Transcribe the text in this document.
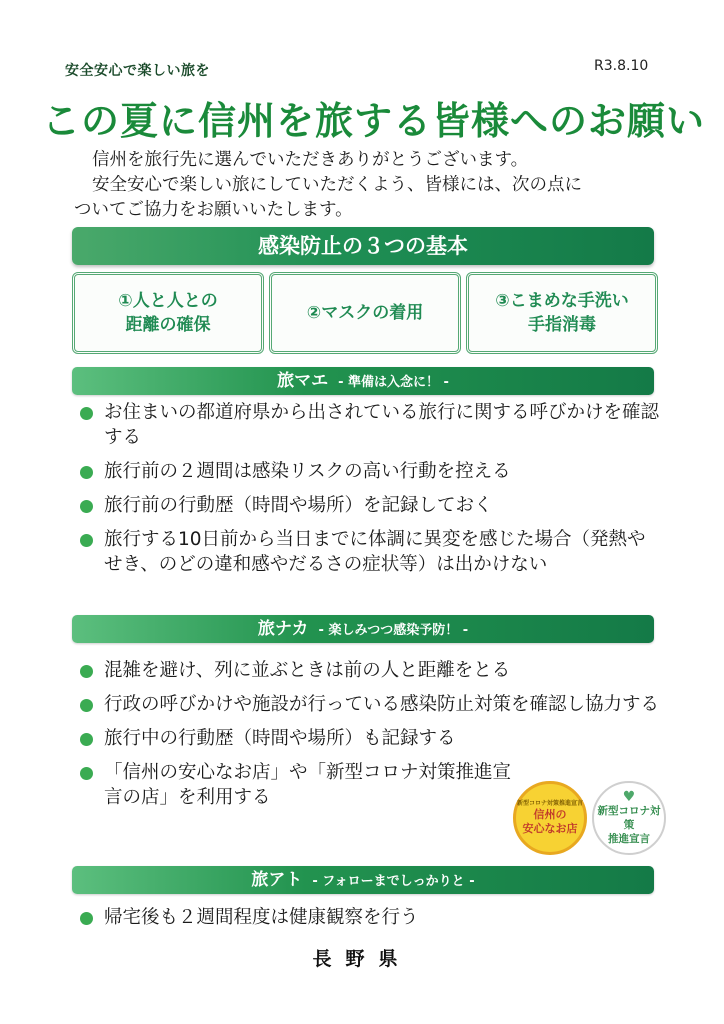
安全安心で楽しい旅を	R3.8.10
この夏に信州を旅する皆様へのお願い

信州を旅行先に選んでいただきありがとうございます。

安全安心で楽しい旅にしていただくよう、皆様には、次の点に

ついてご協力をお願いいたします。

感染防止の３つの基本
①人と人との
距離の確保
②マスクの着用
③こまめな手洗い
手指消毒
旅マエ - 準備は入念に！ -
お住まいの都道府県から出されている旅行に関する呼びかけを確認する
旅行前の２週間は感染リスクの高い行動を控える
旅行前の行動歴（時間や場所）を記録しておく
旅行する10日前から当日までに体調に異変を感じた場合（発熱やせき、のどの違和感やだるさの症状等）は出かけない
旅ナカ - 楽しみつつ感染予防！ -
混雑を避け、列に並ぶときは前の人と距離をとる
行政の呼びかけや施設が行っている感染防止対策を確認し協力する
旅行中の行動歴（時間や場所）も記録する
「信州の安心なお店」や「新型コロナ対策推進宣言の店」を利用する	新型コロナ対策推進宣言
信州の
安心なお店
♥
新型コロナ対策
推進宣言
旅アト - フォローまでしっかりと -
帰宅後も２週間程度は健康観察を行う
長野県
